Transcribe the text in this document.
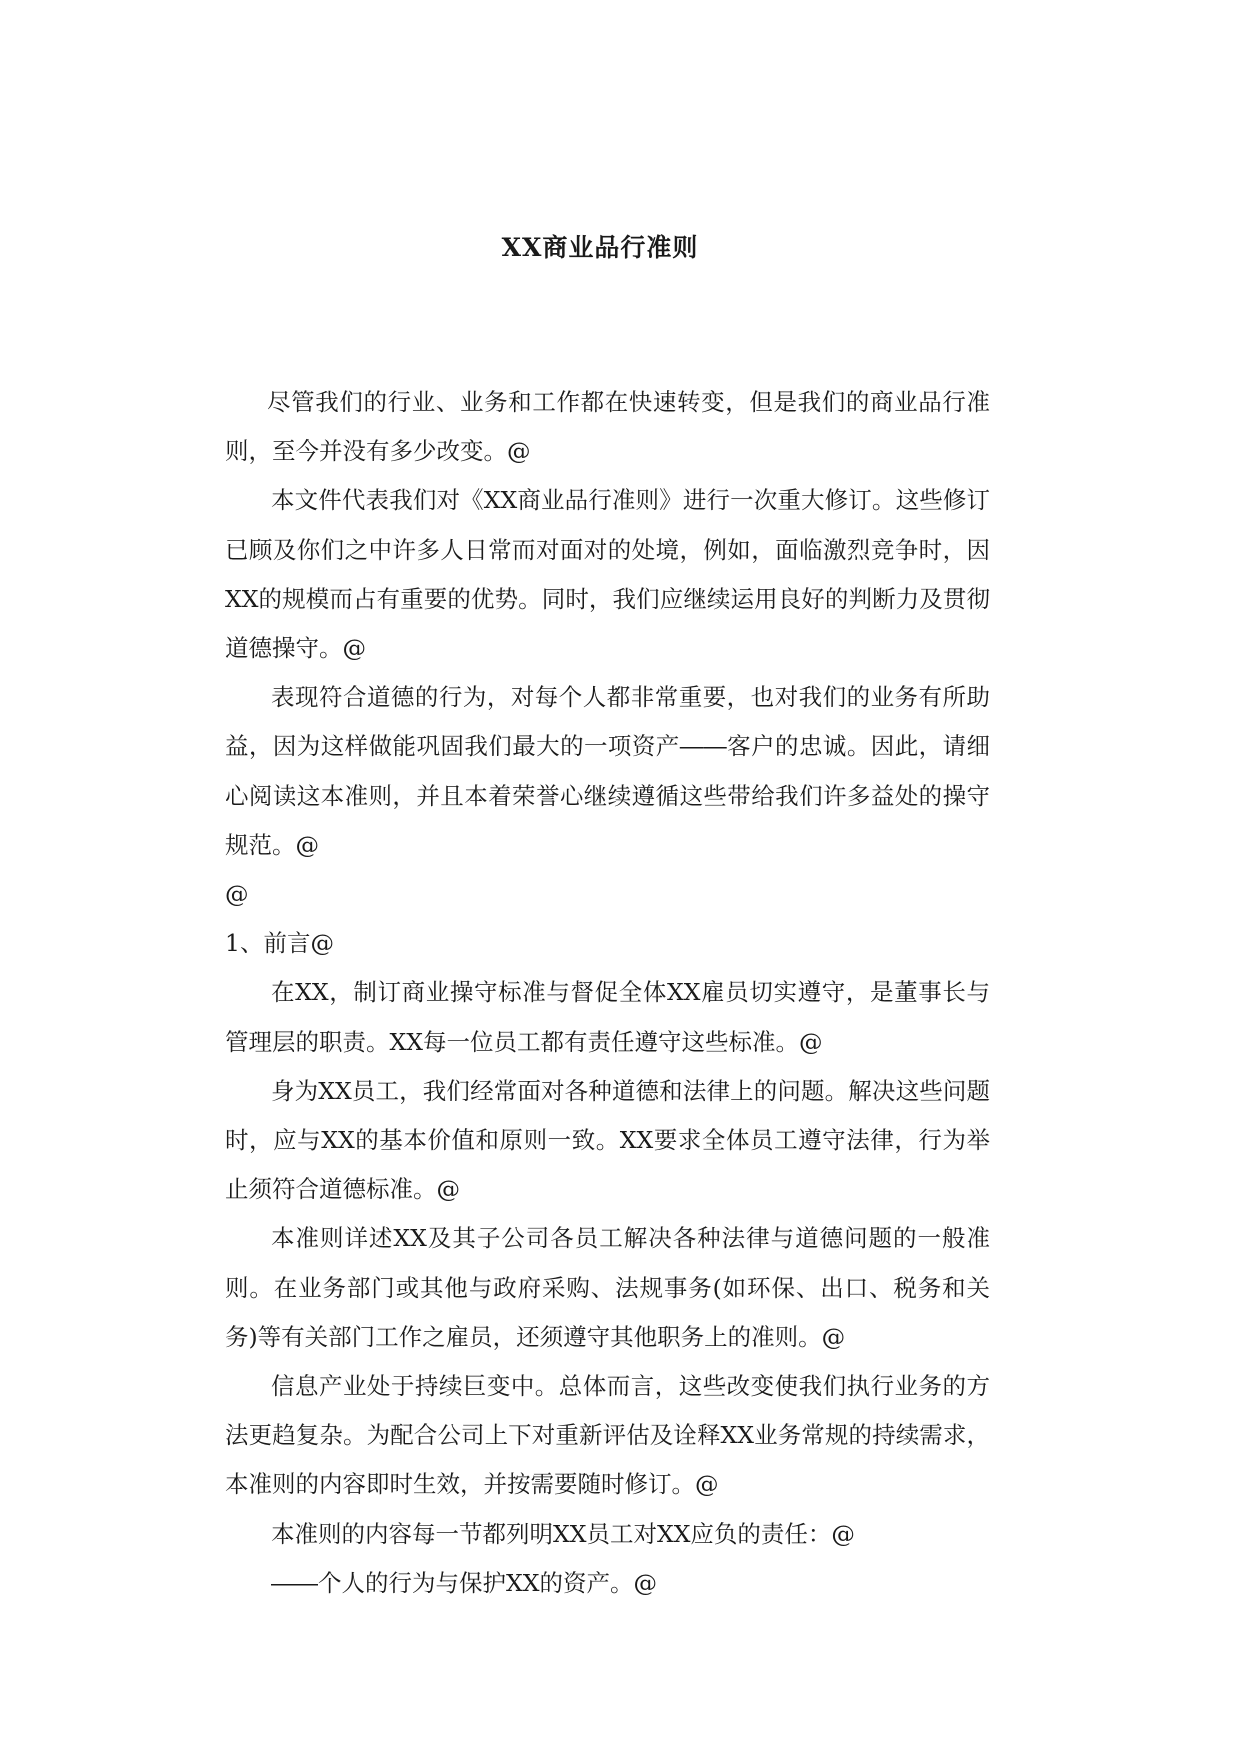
XX商业品行准则

尽管我们的行业、业务和工作都在快速转变，但是我们的商业品行准则，至今并没有多少改变。@

本文件代表我们对《XX商业品行准则》进行一次重大修订。这些修订已顾及你们之中许多人日常而对面对的处境，例如，面临激烈竞争时，因XX的规模而占有重要的优势。同时，我们应继续运用良好的判断力及贯彻道德操守。@

表现符合道德的行为，对每个人都非常重要，也对我们的业务有所助益，因为这样做能巩固我们最大的一项资产――客户的忠诚。因此，请细心阅读这本准则，并且本着荣誉心继续遵循这些带给我们许多益处的操守规范。@

@

1、前言@

在XX，制订商业操守标准与督促全体XX雇员切实遵守，是董事长与管理层的职责。XX每一位员工都有责任遵守这些标准。@

身为XX员工，我们经常面对各种道德和法律上的问题。解决这些问题时，应与XX的基本价值和原则一致。XX要求全体员工遵守法律，行为举止须符合道德标准。@

本准则详述XX及其子公司各员工解决各种法律与道德问题的一般准则。在业务部门或其他与政府采购、法规事务(如环保、出口、税务和关务)等有关部门工作之雇员，还须遵守其他职务上的准则。@

信息产业处于持续巨变中。总体而言，这些改变使我们执行业务的方法更趋复杂。为配合公司上下对重新评估及诠释XX业务常规的持续需求，本准则的内容即时生效，并按需要随时修订。@

本准则的内容每一节都列明XX员工对XX应负的责任：@

――个人的行为与保护XX的资产。@
